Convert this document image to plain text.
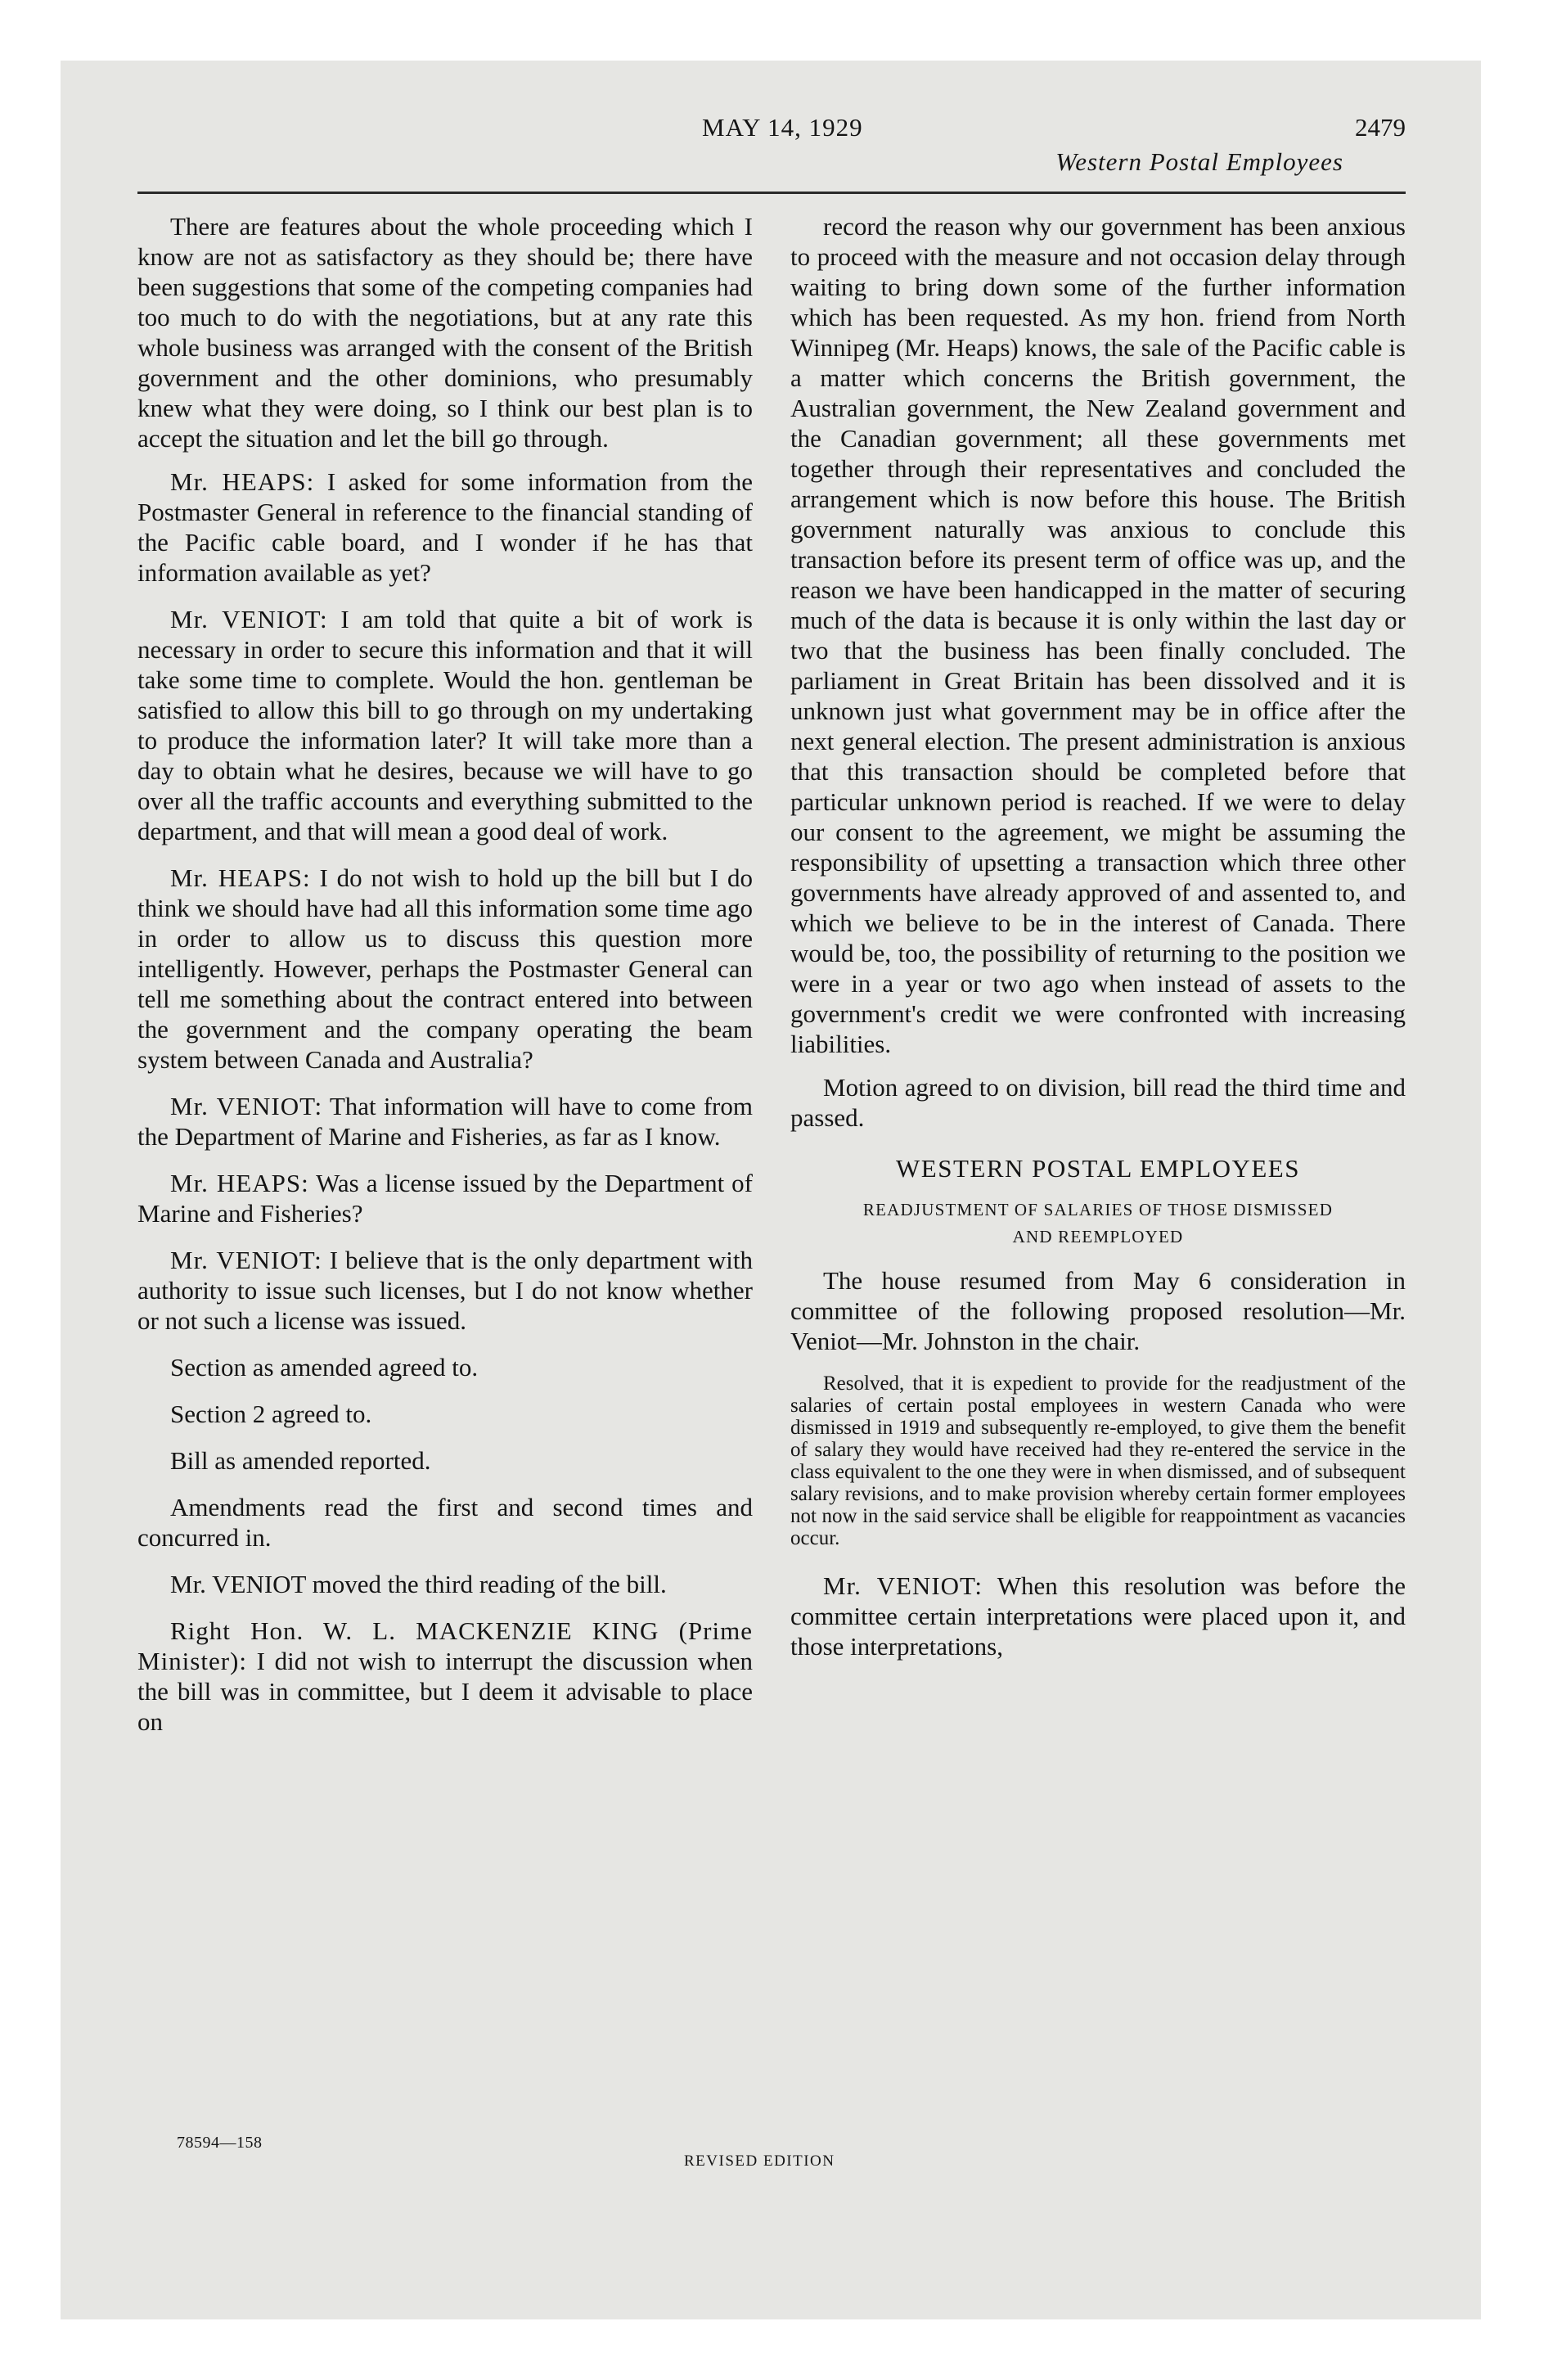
MAY 14, 1929	2479
Western Postal Employees

There are features about the whole proceeding which I know are not as satisfactory as they should be; there have been suggestions that some of the competing companies had too much to do with the negotiations, but at any rate this whole business was arranged with the consent of the British government and the other dominions, who presumably knew what they were doing, so I think our best plan is to accept the situation and let the bill go through.

Mr. HEAPS: I asked for some information from the Postmaster General in reference to the financial standing of the Pacific cable board, and I wonder if he has that information available as yet?

Mr. VENIOT: I am told that quite a bit of work is necessary in order to secure this information and that it will take some time to complete. Would the hon. gentleman be satisfied to allow this bill to go through on my undertaking to produce the information later? It will take more than a day to obtain what he desires, because we will have to go over all the traffic accounts and everything submitted to the department, and that will mean a good deal of work.

Mr. HEAPS: I do not wish to hold up the bill but I do think we should have had all this information some time ago in order to allow us to discuss this question more intelligently. However, perhaps the Postmaster General can tell me something about the contract entered into between the government and the company operating the beam system between Canada and Australia?

Mr. VENIOT: That information will have to come from the Department of Marine and Fisheries, as far as I know.

Mr. HEAPS: Was a license issued by the Department of Marine and Fisheries?

Mr. VENIOT: I believe that is the only department with authority to issue such licenses, but I do not know whether or not such a license was issued.

Section as amended agreed to.

Section 2 agreed to.

Bill as amended reported.

Amendments read the first and second times and concurred in.

Mr. VENIOT moved the third reading of the bill.

Right Hon. W. L. MACKENZIE KING (Prime Minister): I did not wish to interrupt the discussion when the bill was in committee, but I deem it advisable to place on

record the reason why our government has been anxious to proceed with the measure and not occasion delay through waiting to bring down some of the further information which has been requested. As my hon. friend from North Winnipeg (Mr. Heaps) knows, the sale of the Pacific cable is a matter which concerns the British government, the Australian government, the New Zealand government and the Canadian government; all these governments met together through their representatives and concluded the arrangement which is now before this house. The British government naturally was anxious to conclude this transaction before its present term of office was up, and the reason we have been handicapped in the matter of securing much of the data is because it is only within the last day or two that the business has been finally concluded. The parliament in Great Britain has been dissolved and it is unknown just what government may be in office after the next general election. The present administration is anxious that this transaction should be completed before that particular unknown period is reached. If we were to delay our consent to the agreement, we might be assuming the responsibility of upsetting a transaction which three other governments have already approved of and assented to, and which we believe to be in the interest of Canada. There would be, too, the possibility of returning to the position we were in a year or two ago when instead of assets to the government's credit we were confronted with increasing liabilities.

Motion agreed to on division, bill read the third time and passed.

WESTERN POSTAL EMPLOYEES
READJUSTMENT OF SALARIES OF THOSE DISMISSED
AND REEMPLOYED

The house resumed from May 6 consideration in committee of the following proposed resolution—Mr. Veniot—Mr. Johnston in the chair.

Resolved, that it is expedient to provide for the readjustment of the salaries of certain postal employees in western Canada who were dismissed in 1919 and subsequently re-employed, to give them the benefit of salary they would have received had they re-entered the service in the class equivalent to the one they were in when dismissed, and of subsequent salary revisions, and to make provision whereby certain former employees not now in the said service shall be eligible for reappointment as vacancies occur.

Mr. VENIOT: When this resolution was before the committee certain interpretations were placed upon it, and those interpretations,

78594—158
REVISED EDITION
